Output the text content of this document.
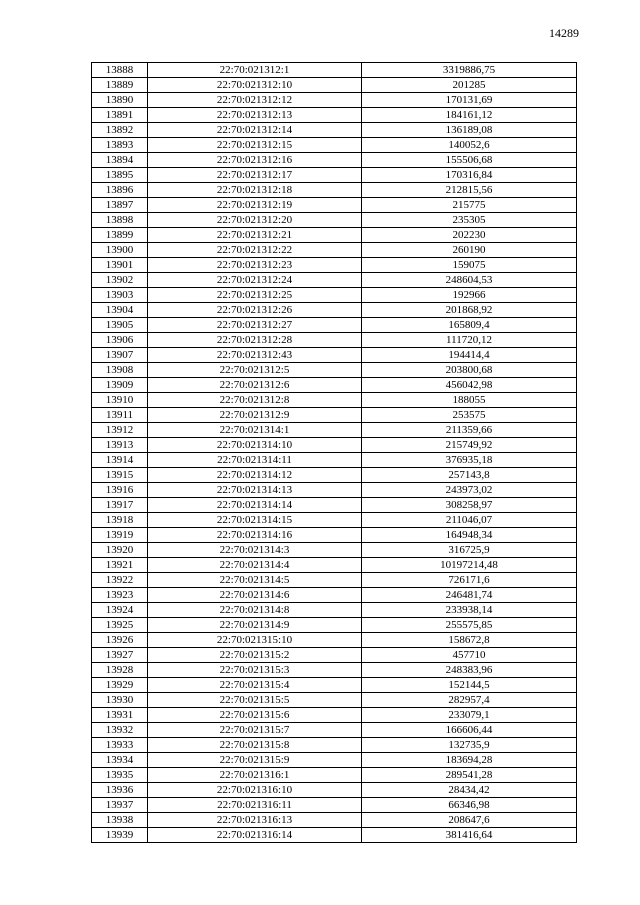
14289
13888	22:70:021312:1	3319886,75
13889	22:70:021312:10	201285
13890	22:70:021312:12	170131,69
13891	22:70:021312:13	184161,12
13892	22:70:021312:14	136189,08
13893	22:70:021312:15	140052,6
13894	22:70:021312:16	155506,68
13895	22:70:021312:17	170316,84
13896	22:70:021312:18	212815,56
13897	22:70:021312:19	215775
13898	22:70:021312:20	235305
13899	22:70:021312:21	202230
13900	22:70:021312:22	260190
13901	22:70:021312:23	159075
13902	22:70:021312:24	248604,53
13903	22:70:021312:25	192966
13904	22:70:021312:26	201868,92
13905	22:70:021312:27	165809,4
13906	22:70:021312:28	111720,12
13907	22:70:021312:43	194414,4
13908	22:70:021312:5	203800,68
13909	22:70:021312:6	456042,98
13910	22:70:021312:8	188055
13911	22:70:021312:9	253575
13912	22:70:021314:1	211359,66
13913	22:70:021314:10	215749,92
13914	22:70:021314:11	376935,18
13915	22:70:021314:12	257143,8
13916	22:70:021314:13	243973,02
13917	22:70:021314:14	308258,97
13918	22:70:021314:15	211046,07
13919	22:70:021314:16	164948,34
13920	22:70:021314:3	316725,9
13921	22:70:021314:4	10197214,48
13922	22:70:021314:5	726171,6
13923	22:70:021314:6	246481,74
13924	22:70:021314:8	233938,14
13925	22:70:021314:9	255575,85
13926	22:70:021315:10	158672,8
13927	22:70:021315:2	457710
13928	22:70:021315:3	248383,96
13929	22:70:021315:4	152144,5
13930	22:70:021315:5	282957,4
13931	22:70:021315:6	233079,1
13932	22:70:021315:7	166606,44
13933	22:70:021315:8	132735,9
13934	22:70:021315:9	183694,28
13935	22:70:021316:1	289541,28
13936	22:70:021316:10	28434,42
13937	22:70:021316:11	66346,98
13938	22:70:021316:13	208647,6
13939	22:70:021316:14	381416,64
